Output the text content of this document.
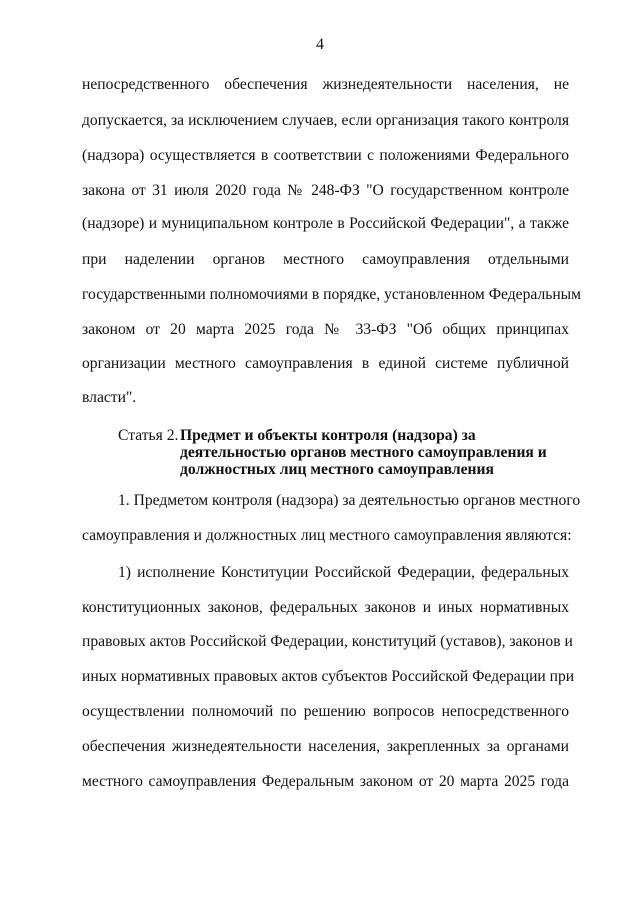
4
непосредственного обеспечения жизнедеятельности населения, не
допускается, за исключением случаев, если организация такого контроля
(надзора) осуществляется в соответствии с положениями Федерального
закона от 31 июля 2020 года № 248-ФЗ "О государственном контроле
(надзоре) и муниципальном контроле в Российской Федерации", а также
при наделении органов местного самоуправления отдельными
государственными полномочиями в порядке, установленном Федеральным
законом от 20 марта 2025 года № 33-ФЗ "Об общих принципах
организации местного самоуправления в единой системе публичной
власти".
Статья 2. Предмет и объекты контроля (надзора) за
деятельностью органов местного самоуправления и
должностных лиц местного самоуправления
1. Предметом контроля (надзора) за деятельностью органов местного
самоуправления и должностных лиц местного самоуправления являются:
1) исполнение Конституции Российской Федерации, федеральных
конституционных законов, федеральных законов и иных нормативных
правовых актов Российской Федерации, конституций (уставов), законов и
иных нормативных правовых актов субъектов Российской Федерации при
осуществлении полномочий по решению вопросов непосредственного
обеспечения жизнедеятельности населения, закрепленных за органами
местного самоуправления Федеральным законом от 20 марта 2025 года
